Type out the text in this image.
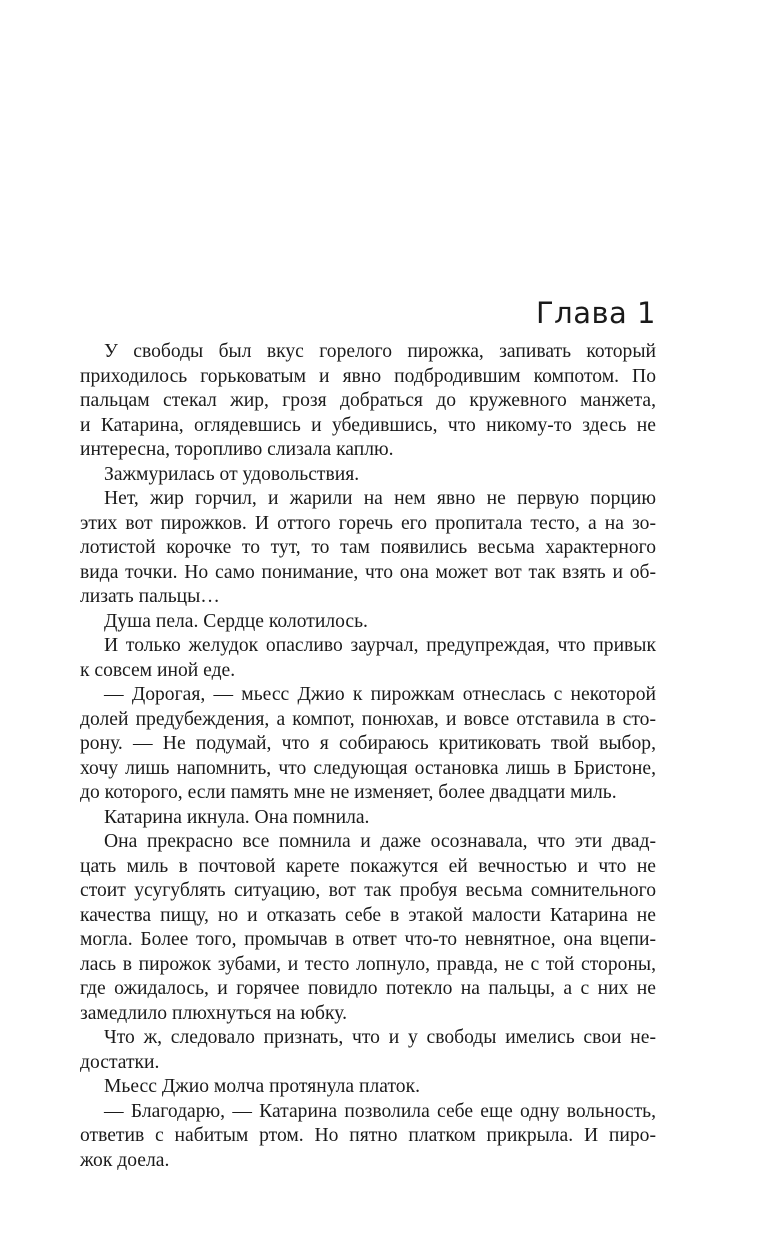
Глава 1

У свободы был вкус горелого пирожка, запивать который
приходилось горьковатым и явно подбродившим компотом. По
пальцам стекал жир, грозя добраться до кружевного манжета,
и Катарина, оглядевшись и убедившись, что никому-то здесь не
интересна, торопливо слизала каплю.

Зажмурилась от удовольствия.

Нет, жир горчил, и жарили на нем явно не первую порцию
этих вот пирожков. И оттого горечь его пропитала тесто, а на зо-
лотистой корочке то тут, то там появились весьма характерного
вида точки. Но само понимание, что она может вот так взять и об-
лизать пальцы…

Душа пела. Сердце колотилось.

И только желудок опасливо заурчал, предупреждая, что привык
к совсем иной еде.

— Дорогая, — мьесс Джио к пирожкам отнеслась с некоторой
долей предубеждения, а компот, понюхав, и вовсе отставила в сто-
рону. — Не подумай, что я собираюсь критиковать твой выбор,
хочу лишь напомнить, что следующая остановка лишь в Бристоне,
до которого, если память мне не изменяет, более двадцати миль.

Катарина икнула. Она помнила.

Она прекрасно все помнила и даже осознавала, что эти двад-
цать миль в почтовой карете покажутся ей вечностью и что не
стоит усугублять ситуацию, вот так пробуя весьма сомнительного
качества пищу, но и отказать себе в этакой малости Катарина не
могла. Более того, промычав в ответ что-то невнятное, она вцепи-
лась в пирожок зубами, и тесто лопнуло, правда, не с той стороны,
где ожидалось, и горячее повидло потекло на пальцы, а с них не
замедлило плюхнуться на юбку.

Что ж, следовало признать, что и у свободы имелись свои не-
достатки.

Мьесс Джио молча протянула платок.

— Благодарю, — Катарина позволила себе еще одну вольность,
ответив с набитым ртом. Но пятно платком прикрыла. И пиро-
жок доела.
